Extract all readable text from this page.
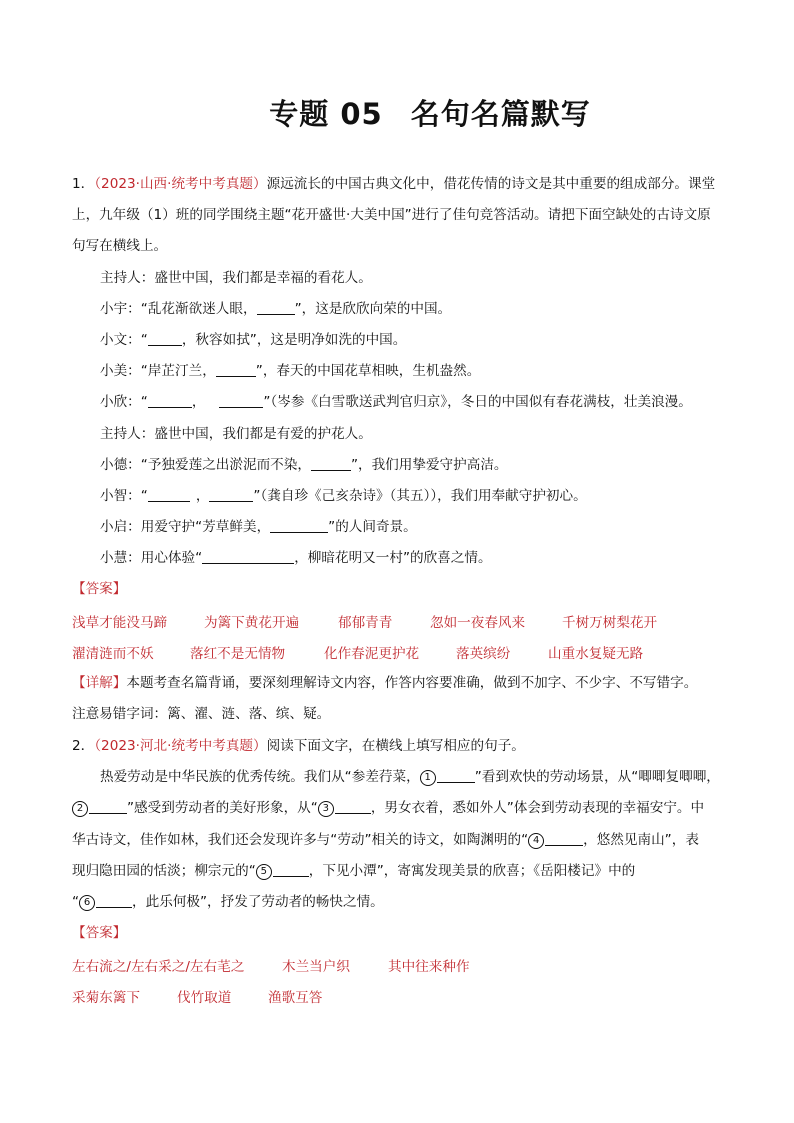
专题 05 名句名篇默写
1．（2023·山西·统考中考真题）源远流长的中国古典文化中，借花传情的诗文是其中重要的组成部分。课堂
上，九年级（1）班的同学围绕主题“花开盛世·大美中国”进行了佳句竞答活动。请把下面空缺处的古诗文原
句写在横线上。
主持人：盛世中国，我们都是幸福的看花人。
小宇：“乱花渐欲迷人眼，	”，这是欣欣向荣的中国。
小文：“	，秋容如拭”，这是明净如洗的中国。
小美：“岸芷汀兰，	”，春天的中国花草相映，生机盎然。
小欣：“	，	”（岑参《白雪歌送武判官归京》，冬日的中国似有春花满枝，壮美浪漫。
主持人：盛世中国，我们都是有爱的护花人。
小德：“予独爱莲之出淤泥而不染，	”，我们用挚爱守护高洁。
小智：“	，	”（龚自珍《己亥杂诗》（其五）），我们用奉献守护初心。
小启：用爱守护“芳草鲜美，	”的人间奇景。
小慧：用心体验“	，柳暗花明又一村”的欣喜之情。
【答案】
浅草才能没马蹄	为篱下黄花开遍	郁郁青青	忽如一夜春风来	千树万树梨花开
濯清涟而不妖	落红不是无情物	化作春泥更护花	落英缤纷	山重水复疑无路
【详解】本题考查名篇背诵，要深刻理解诗文内容，作答内容要准确，做到不加字、不少字、不写错字。
注意易错字词：篱、濯、涟、落、缤、疑。
2．（2023·河北·统考中考真题）阅读下面文字，在横线上填写相应的句子。
热爱劳动是中华民族的优秀传统。我们从“参差荇菜， 1	”看到欢快的劳动场景，从“唧唧复唧唧，
2	”感受到劳动者的美好形象，从“ 3	，男女衣着，悉如外人”体会到劳动表现的幸福安宁。中
华古诗文，佳作如林，我们还会发现许多与“劳动”相关的诗文，如陶渊明的“ 4	，悠然见南山”，表
现归隐田园的恬淡；柳宗元的“ 5	，下见小潭”，寄寓发现美景的欣喜；《岳阳楼记》中的
“ 6	，此乐何极”，抒发了劳动者的畅快之情。
【答案】
左右流之/左右采之/左右芼之	木兰当户织	其中往来种作
采菊东篱下	伐竹取道	渔歌互答
